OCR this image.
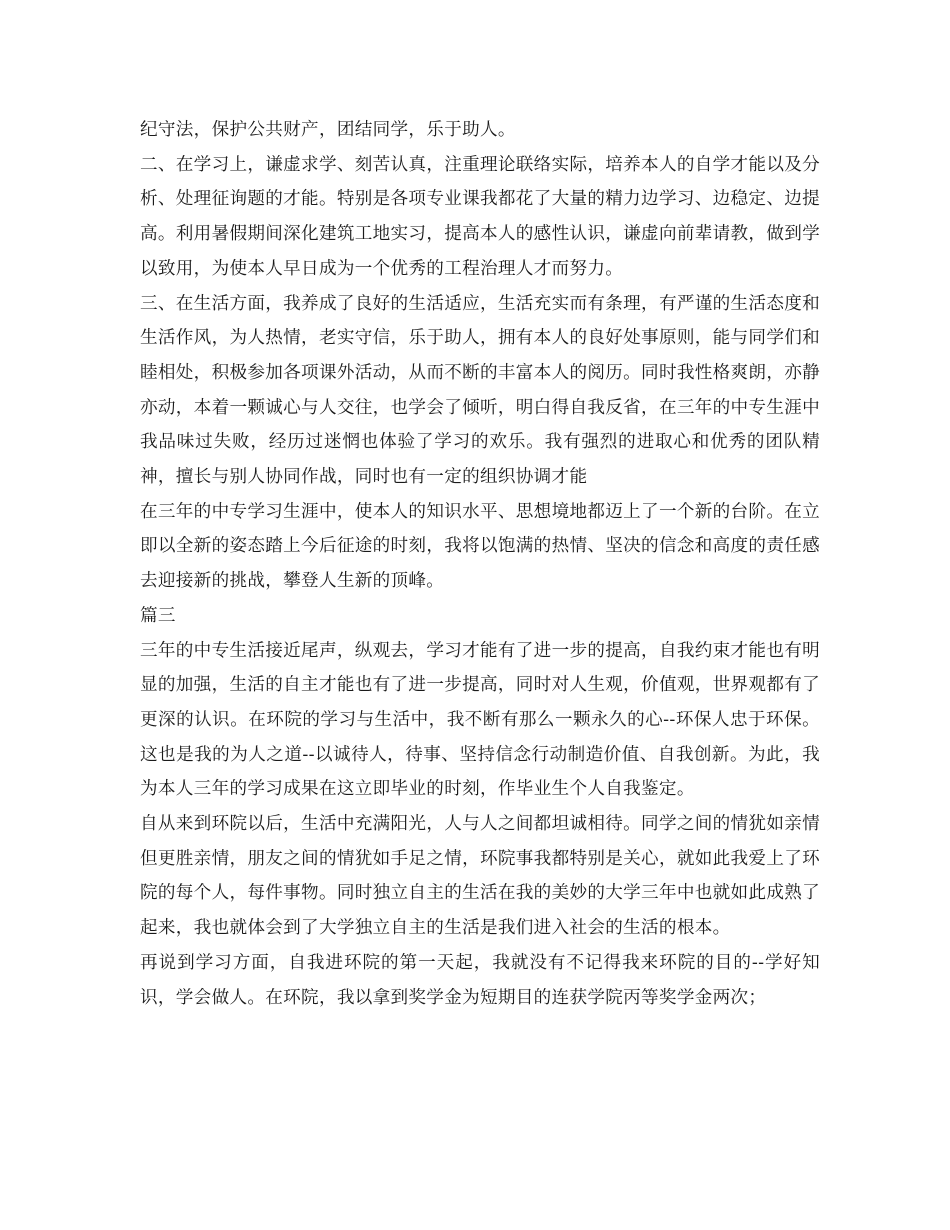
纪守法，保护公共财产，团结同学，乐于助人。

二、在学习上，谦虚求学、刻苦认真，注重理论联络实际，培养本人的自学才能以及分析、处理征询题的才能。特别是各项专业课我都花了大量的精力边学习、边稳定、边提高。利用暑假期间深化建筑工地实习，提高本人的感性认识，谦虚向前辈请教，做到学以致用，为使本人早日成为一个优秀的工程治理人才而努力。

三、在生活方面，我养成了良好的生活适应，生活充实而有条理，有严谨的生活态度和生活作风，为人热情，老实守信，乐于助人，拥有本人的良好处事原则，能与同学们和睦相处，积极参加各项课外活动，从而不断的丰富本人的阅历。同时我性格爽朗，亦静亦动，本着一颗诚心与人交往，也学会了倾听，明白得自我反省，在三年的中专生涯中我品味过失败，经历过迷惘也体验了学习的欢乐。我有强烈的进取心和优秀的团队精神，擅长与别人协同作战，同时也有一定的组织协调才能

在三年的中专学习生涯中，使本人的知识水平、思想境地都迈上了一个新的台阶。在立即以全新的姿态踏上今后征途的时刻，我将以饱满的热情、坚决的信念和高度的责任感去迎接新的挑战，攀登人生新的顶峰。

篇三

三年的中专生活接近尾声，纵观去，学习才能有了进一步的提高，自我约束才能也有明显的加强，生活的自主才能也有了进一步提高，同时对人生观，价值观，世界观都有了更深的认识。在环院的学习与生活中，我不断有那么一颗永久的心--环保人忠于环保。这也是我的为人之道--以诚待人，待事、坚持信念行动制造价值、自我创新。为此，我为本人三年的学习成果在这立即毕业的时刻，作毕业生个人自我鉴定。

自从来到环院以后，生活中充满阳光，人与人之间都坦诚相待。同学之间的情犹如亲情但更胜亲情，朋友之间的情犹如手足之情，环院事我都特别是关心，就如此我爱上了环院的每个人，每件事物。同时独立自主的生活在我的美妙的大学三年中也就如此成熟了起来，我也就体会到了大学独立自主的生活是我们进入社会的生活的根本。

再说到学习方面，自我进环院的第一天起，我就没有不记得我来环院的目的--学好知识，学会做人。在环院，我以拿到奖学金为短期目的连获学院丙等奖学金两次；
